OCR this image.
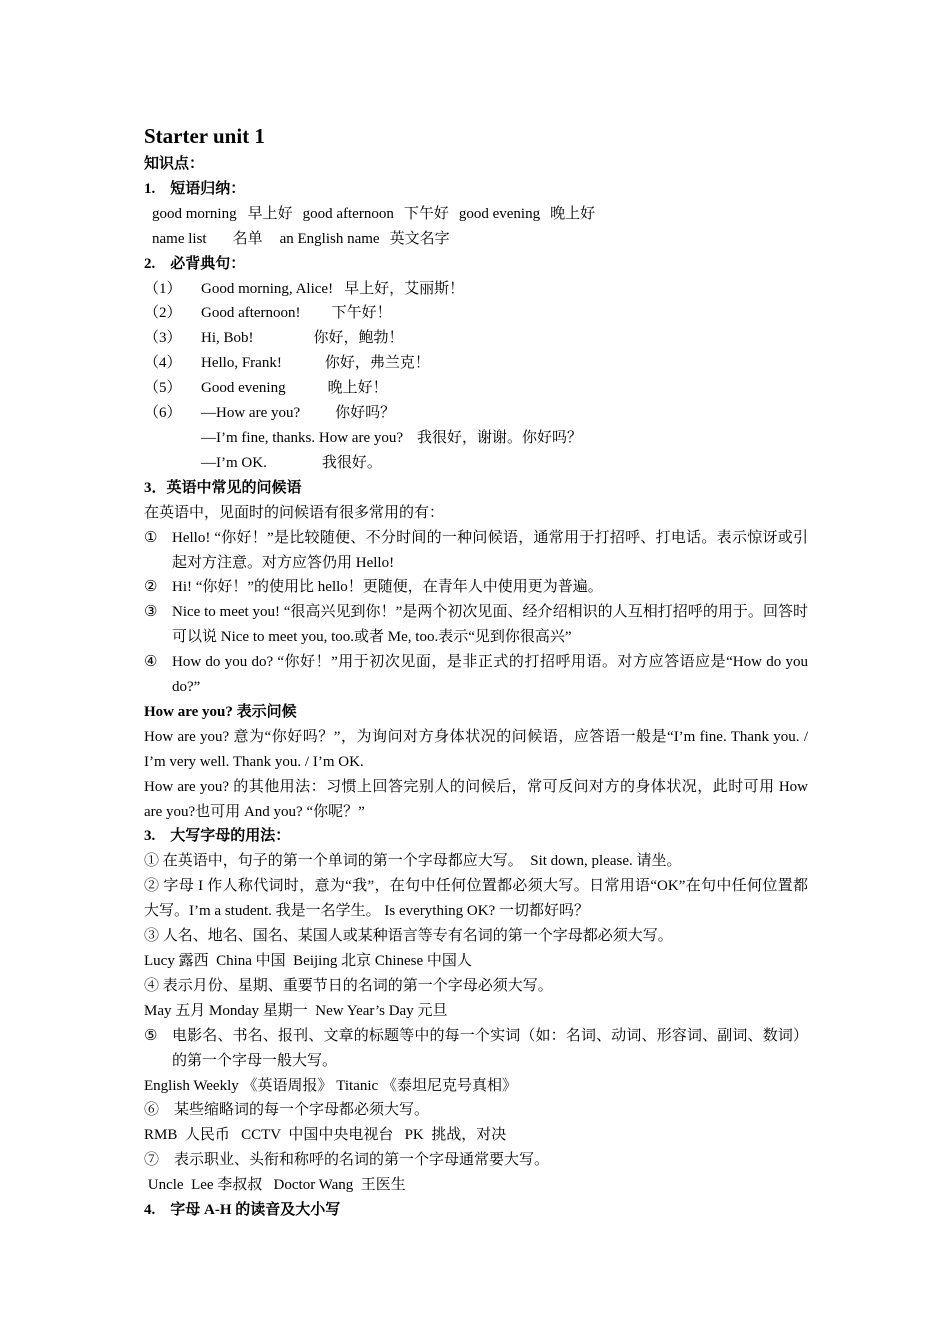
Starter unit 1
知识点：
1.　短语归纳：
good morning 早上好 good afternoon 下午好 good evening 晚上好
name list 名单 an English name 英文名字
2.　必背典句：
（1）	Good morning, Alice! 早上好，艾丽斯！
（2）	Good afternoon! 下午好！
（3）	Hi, Bob!	你好，鲍勃！
（4）	Hello, Frank!	你好，弗兰克！
（5）	Good evening	晚上好！
（6）	—How are you? 你好吗？
—I’m fine, thanks. How are you? 我很好，谢谢。你好吗？
—I’m OK.	我很好。
3．英语中常见的问候语
在英语中，见面时的问候语有很多常用的有：
① Hello! “你好！”是比较随便、不分时间的一种问候语，通常用于打招呼、打电话。表示惊讶或引起对方注意。对方应答仍用 Hello!
② Hi! “你好！”的使用比 hello！更随便，在青年人中使用更为普遍。
③ Nice to meet you! “很高兴见到你！”是两个初次见面、经介绍相识的人互相打招呼的用于。回答时可以说 Nice to meet you, too.或者 Me, too.表示“见到你很高兴”
④ How do you do? “你好！”用于初次见面，是非正式的打招呼用语。对方应答语应是“How do you do?”
How are you? 表示问候
How are you? 意为“你好吗？”，为询问对方身体状况的问候语，应答语一般是“I’m fine. Thank you. / I’m very well. Thank you. / I’m OK.
How are you? 的其他用法：习惯上回答完别人的问候后，常可反问对方的身体状况，此时可用 How are you?也可用 And you? “你呢？”
3.　大写字母的用法：
① 在英语中，句子的第一个单词的第一个字母都应大写。　Sit down, please. 请坐。
② 字母 I 作人称代词时，意为“我”，在句中任何位置都必须大写。日常用语“OK”在句中任何位置都大写。I’m a student. 我是一名学生。 Is everything OK? 一切都好吗？
③ 人名、地名、国名、某国人或某种语言等专有名词的第一个字母都必须大写。
Lucy 露西  China 中国  Beijing 北京 Chinese 中国人
④ 表示月份、星期、重要节日的名词的第一个字母必须大写。
May 五月 Monday 星期一  New Year’s Day 元旦
⑤ 电影名、书名、报刊、文章的标题等中的每一个实词（如：名词、动词、形容词、副词、数词）的第一个字母一般大写。
English Weekly 《英语周报》 Titanic 《泰坦尼克号真相》
⑥　某些缩略词的每一个字母都必须大写。
RMB  人民币   CCTV  中国中央电视台   PK  挑战，对决
⑦　表示职业、头衔和称呼的名词的第一个字母通常要大写。
Uncle  Lee 李叔叔   Doctor Wang  王医生
4.　字母 A-H 的读音及大小写
